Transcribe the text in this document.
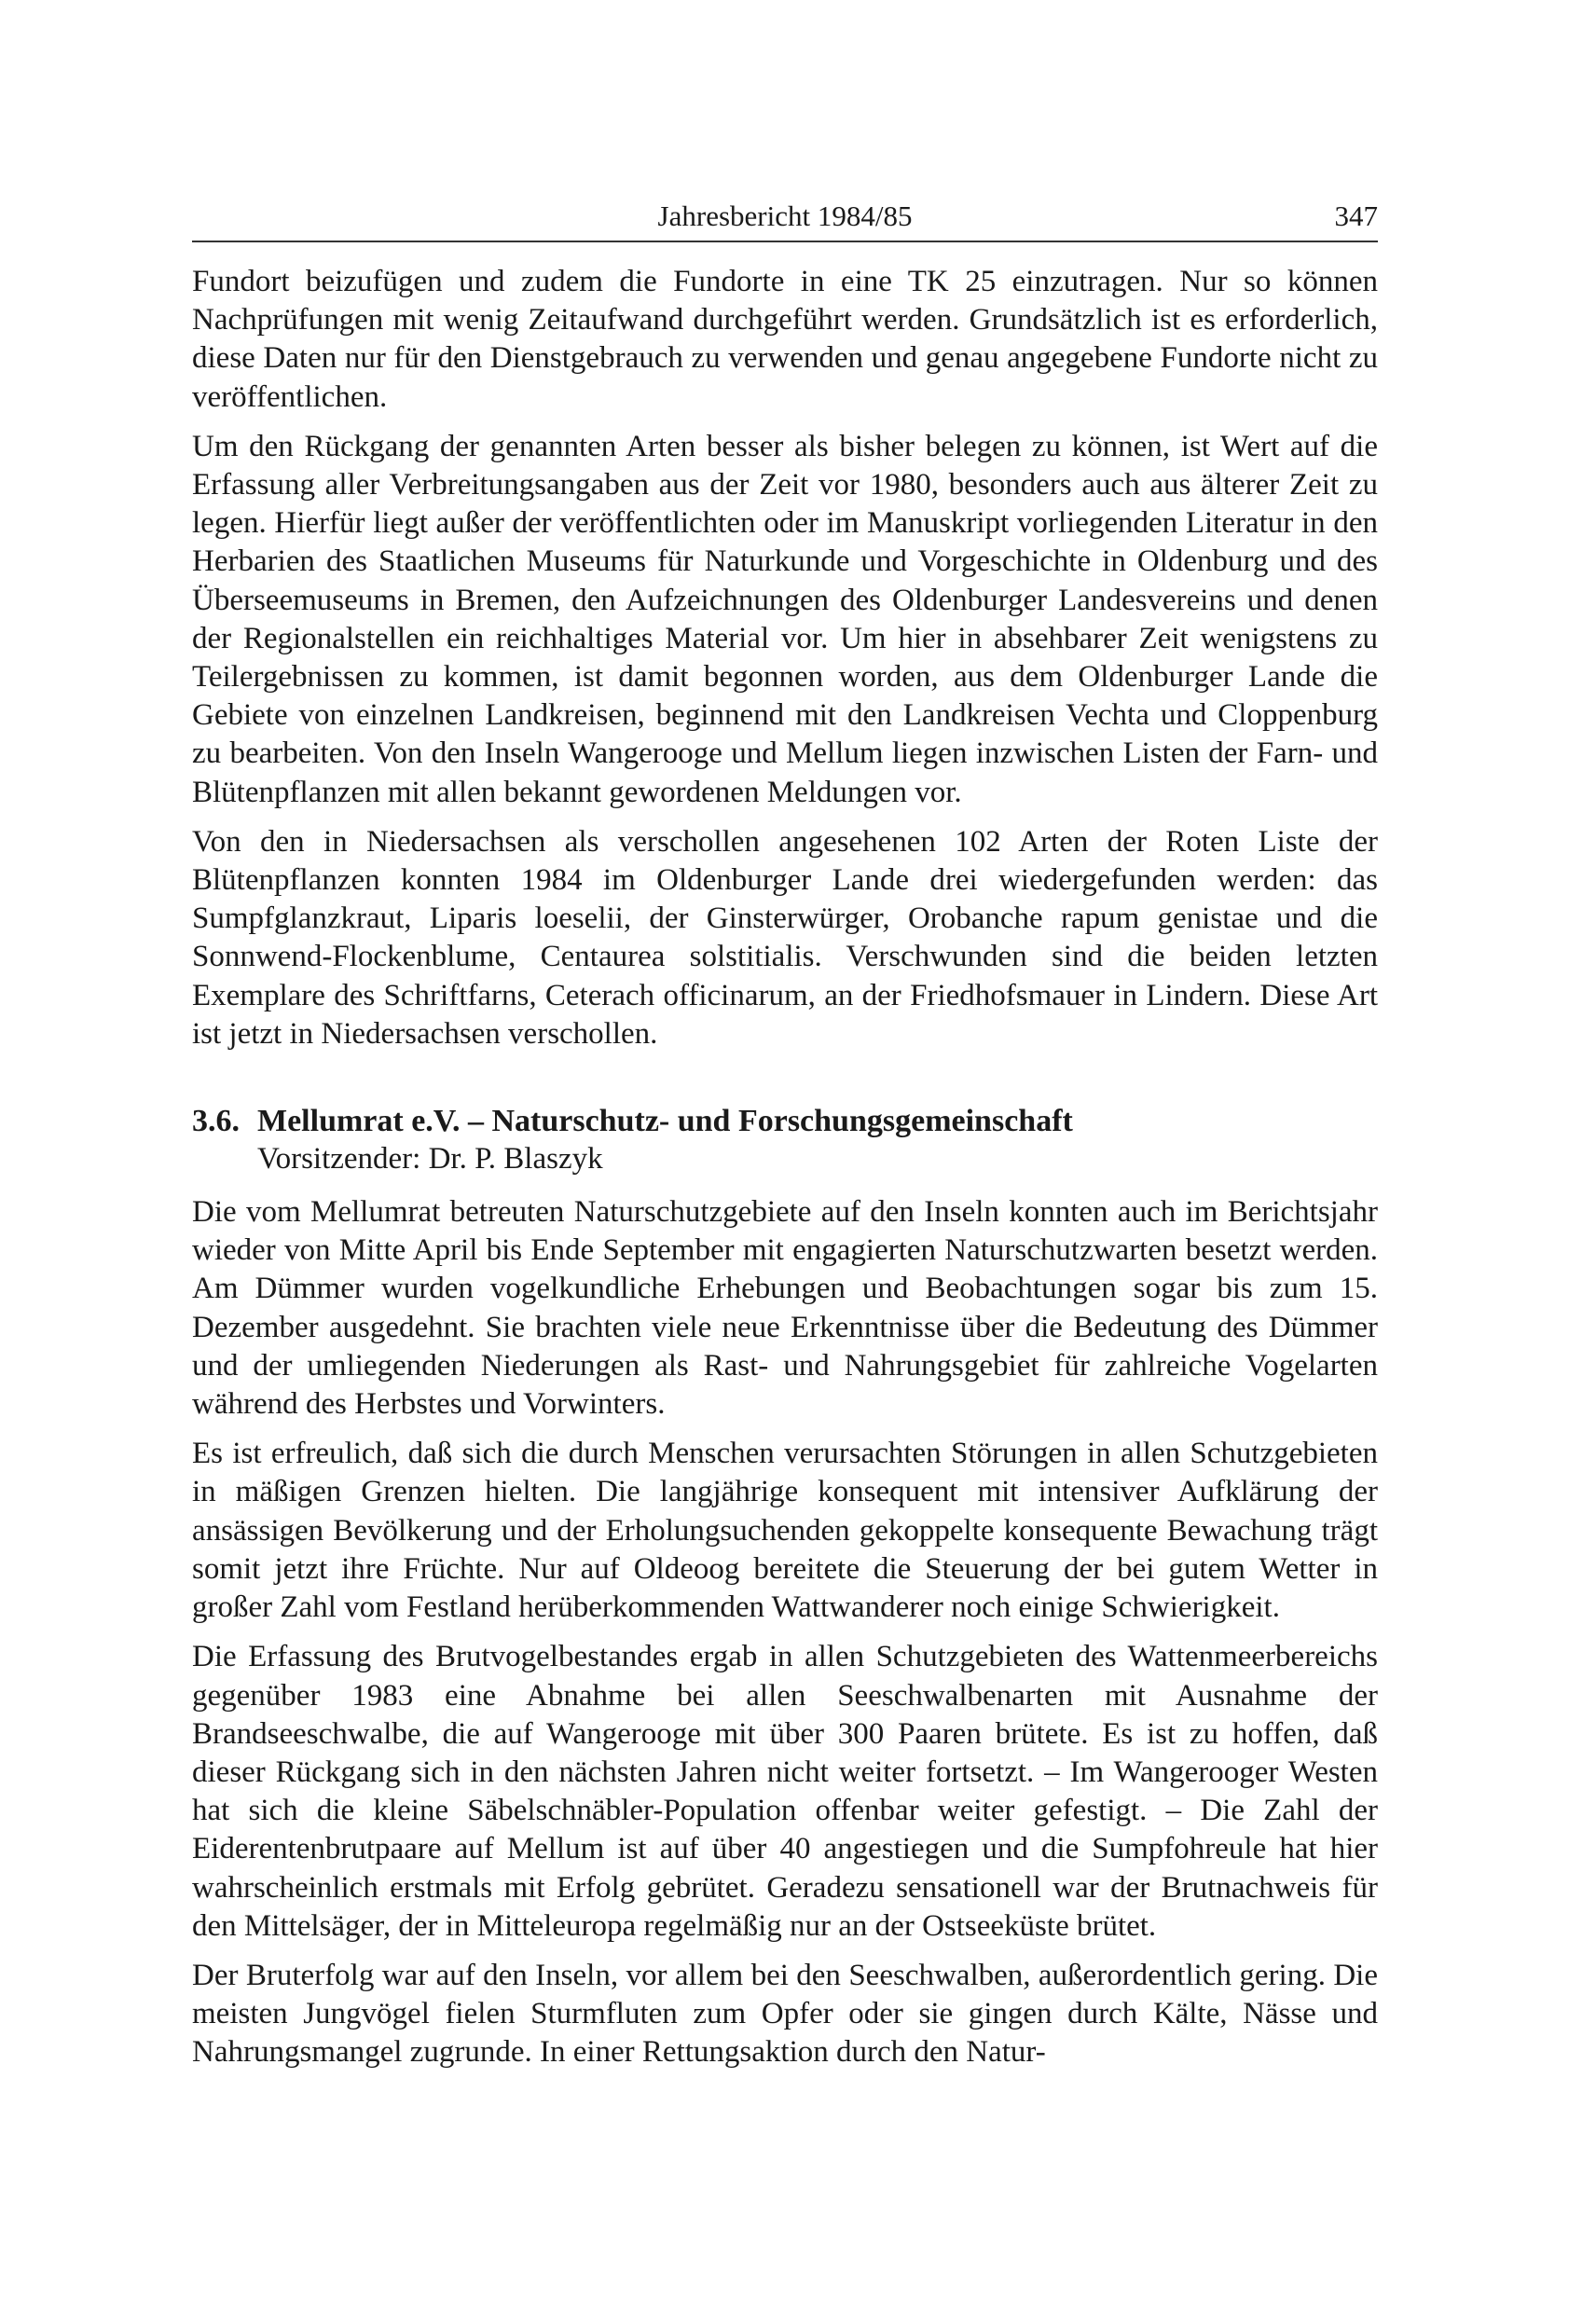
Jahresbericht 1984/85	347

Fundort beizufügen und zudem die Fundorte in eine TK 25 einzutragen. Nur so können Nachprüfungen mit wenig Zeitaufwand durchgeführt werden. Grundsätzlich ist es erforderlich, diese Daten nur für den Dienstgebrauch zu verwenden und genau angegebene Fundorte nicht zu veröffentlichen.

Um den Rückgang der genannten Arten besser als bisher belegen zu können, ist Wert auf die Erfassung aller Verbreitungsangaben aus der Zeit vor 1980, besonders auch aus älterer Zeit zu legen. Hierfür liegt außer der veröffentlichten oder im Manuskript vorliegenden Literatur in den Herbarien des Staatlichen Museums für Naturkunde und Vorgeschichte in Oldenburg und des Überseemuseums in Bremen, den Aufzeichnungen des Oldenburger Landesvereins und denen der Regionalstellen ein reichhaltiges Material vor. Um hier in absehbarer Zeit wenigstens zu Teilergebnissen zu kommen, ist damit begonnen worden, aus dem Oldenburger Lande die Gebiete von einzelnen Landkreisen, beginnend mit den Landkreisen Vechta und Cloppenburg zu bearbeiten. Von den Inseln Wangerooge und Mellum liegen inzwischen Listen der Farn- und Blütenpflanzen mit allen bekannt gewordenen Meldungen vor.

Von den in Niedersachsen als verschollen angesehenen 102 Arten der Roten Liste der Blütenpflanzen konnten 1984 im Oldenburger Lande drei wiedergefunden werden: das Sumpfglanzkraut, Liparis loeselii, der Ginsterwürger, Orobanche rapum genistae und die Sonnwend-Flockenblume, Centaurea solstitialis. Verschwunden sind die beiden letzten Exemplare des Schriftfarns, Ceterach officinarum, an der Friedhofsmauer in Lindern. Diese Art ist jetzt in Niedersachsen verschollen.

3.6. Mellumrat e.V. – Naturschutz- und Forschungsgemeinschaft
Vorsitzender: Dr. P. Blaszyk

Die vom Mellumrat betreuten Naturschutzgebiete auf den Inseln konnten auch im Berichtsjahr wieder von Mitte April bis Ende September mit engagierten Naturschutzwarten besetzt werden. Am Dümmer wurden vogelkundliche Erhebungen und Beobachtungen sogar bis zum 15. Dezember ausgedehnt. Sie brachten viele neue Erkenntnisse über die Bedeutung des Dümmer und der umliegenden Niederungen als Rast- und Nahrungsgebiet für zahlreiche Vogelarten während des Herbstes und Vorwinters.

Es ist erfreulich, daß sich die durch Menschen verursachten Störungen in allen Schutzgebieten in mäßigen Grenzen hielten. Die langjährige konsequent mit intensiver Aufklärung der ansässigen Bevölkerung und der Erholungsuchenden gekoppelte konsequente Bewachung trägt somit jetzt ihre Früchte. Nur auf Oldeoog bereitete die Steuerung der bei gutem Wetter in großer Zahl vom Festland herüberkommenden Wattwanderer noch einige Schwierigkeit.

Die Erfassung des Brutvogelbestandes ergab in allen Schutzgebieten des Wattenmeerbereichs gegenüber 1983 eine Abnahme bei allen Seeschwalbenarten mit Ausnahme der Brandseeschwalbe, die auf Wangerooge mit über 300 Paaren brütete. Es ist zu hoffen, daß dieser Rückgang sich in den nächsten Jahren nicht weiter fortsetzt. – Im Wangerooger Westen hat sich die kleine Säbelschnäbler-Population offenbar weiter gefestigt. – Die Zahl der Eiderentenbrutpaare auf Mellum ist auf über 40 angestiegen und die Sumpfohreule hat hier wahrscheinlich erstmals mit Erfolg gebrütet. Geradezu sensationell war der Brutnachweis für den Mittelsäger, der in Mitteleuropa regelmäßig nur an der Ostseeküste brütet.

Der Bruterfolg war auf den Inseln, vor allem bei den Seeschwalben, außerordentlich gering. Die meisten Jungvögel fielen Sturmfluten zum Opfer oder sie gingen durch Kälte, Nässe und Nahrungsmangel zugrunde. In einer Rettungsaktion durch den Natur-
